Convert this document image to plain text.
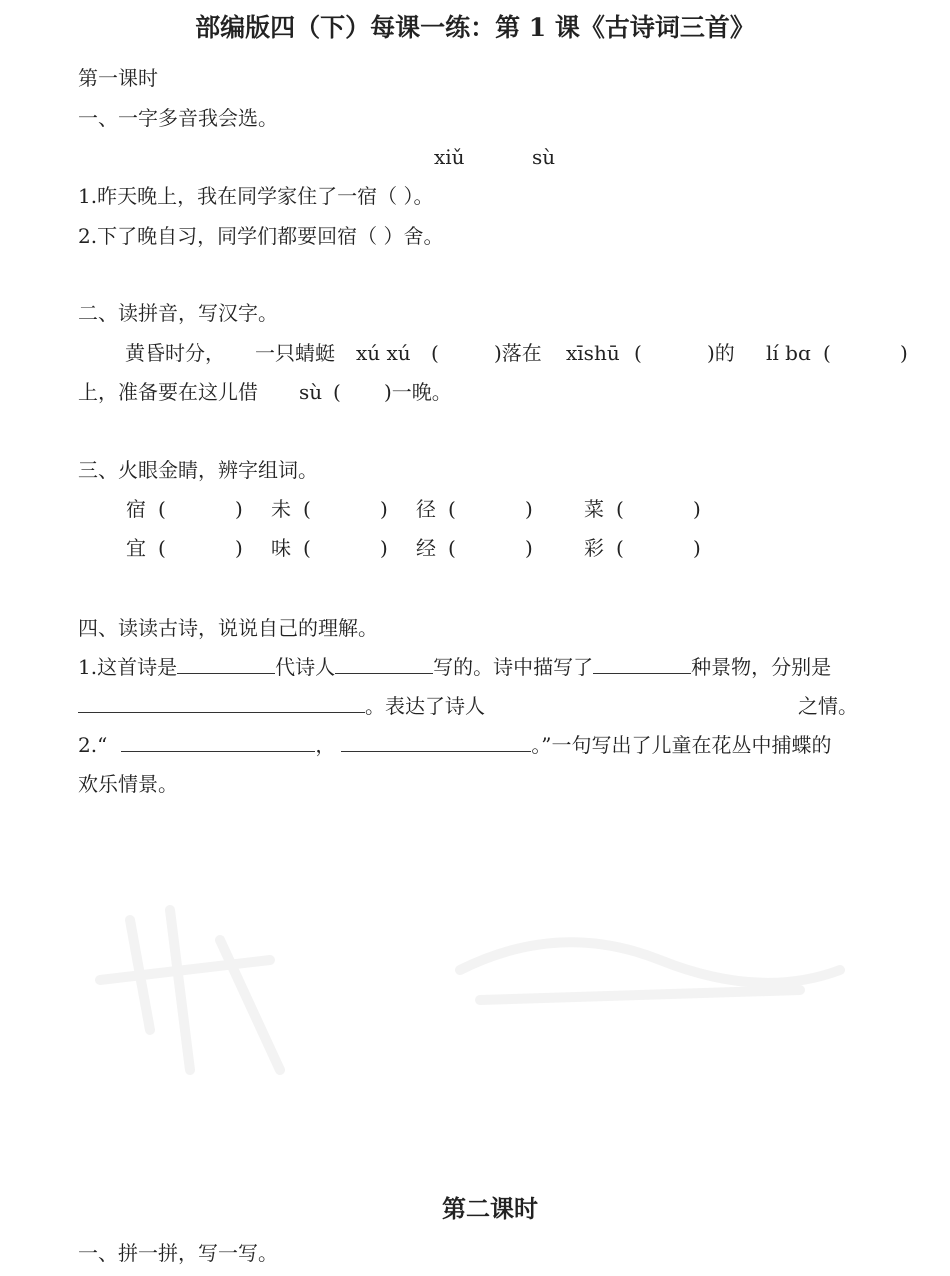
部编版四（下）每课一练：第 1 课《古诗词三首》
第一课时
一、一字多音我会选。
xiǔ	sù
1.昨天晚上，我在同学家住了一宿（ ）。
2.下了晚自习，同学们都要回宿（ ）舍。
二、读拼音，写汉字。
黄昏时分， 一只蜻蜓 xú xú (	)落在 xīshū (	)的 lí bɑ (	)
上，准备要在这儿借 sù ( )一晚。
三、火眼金睛，辨字组词。
宿 (	) 未 (	) 径 (	)	菜 (	)
宜 (	) 味 (	) 经 (	)	彩 (	)
四、读读古诗，说说自己的理解。
1.这首诗是	代诗人	写的。诗中描写了	种景物，分别是
。表达了诗人	之情。
2.“	，	。”一句写出了儿童在花丛中捕蝶的
欢乐情景。
第二课时
一、拼一拼，写一写。
